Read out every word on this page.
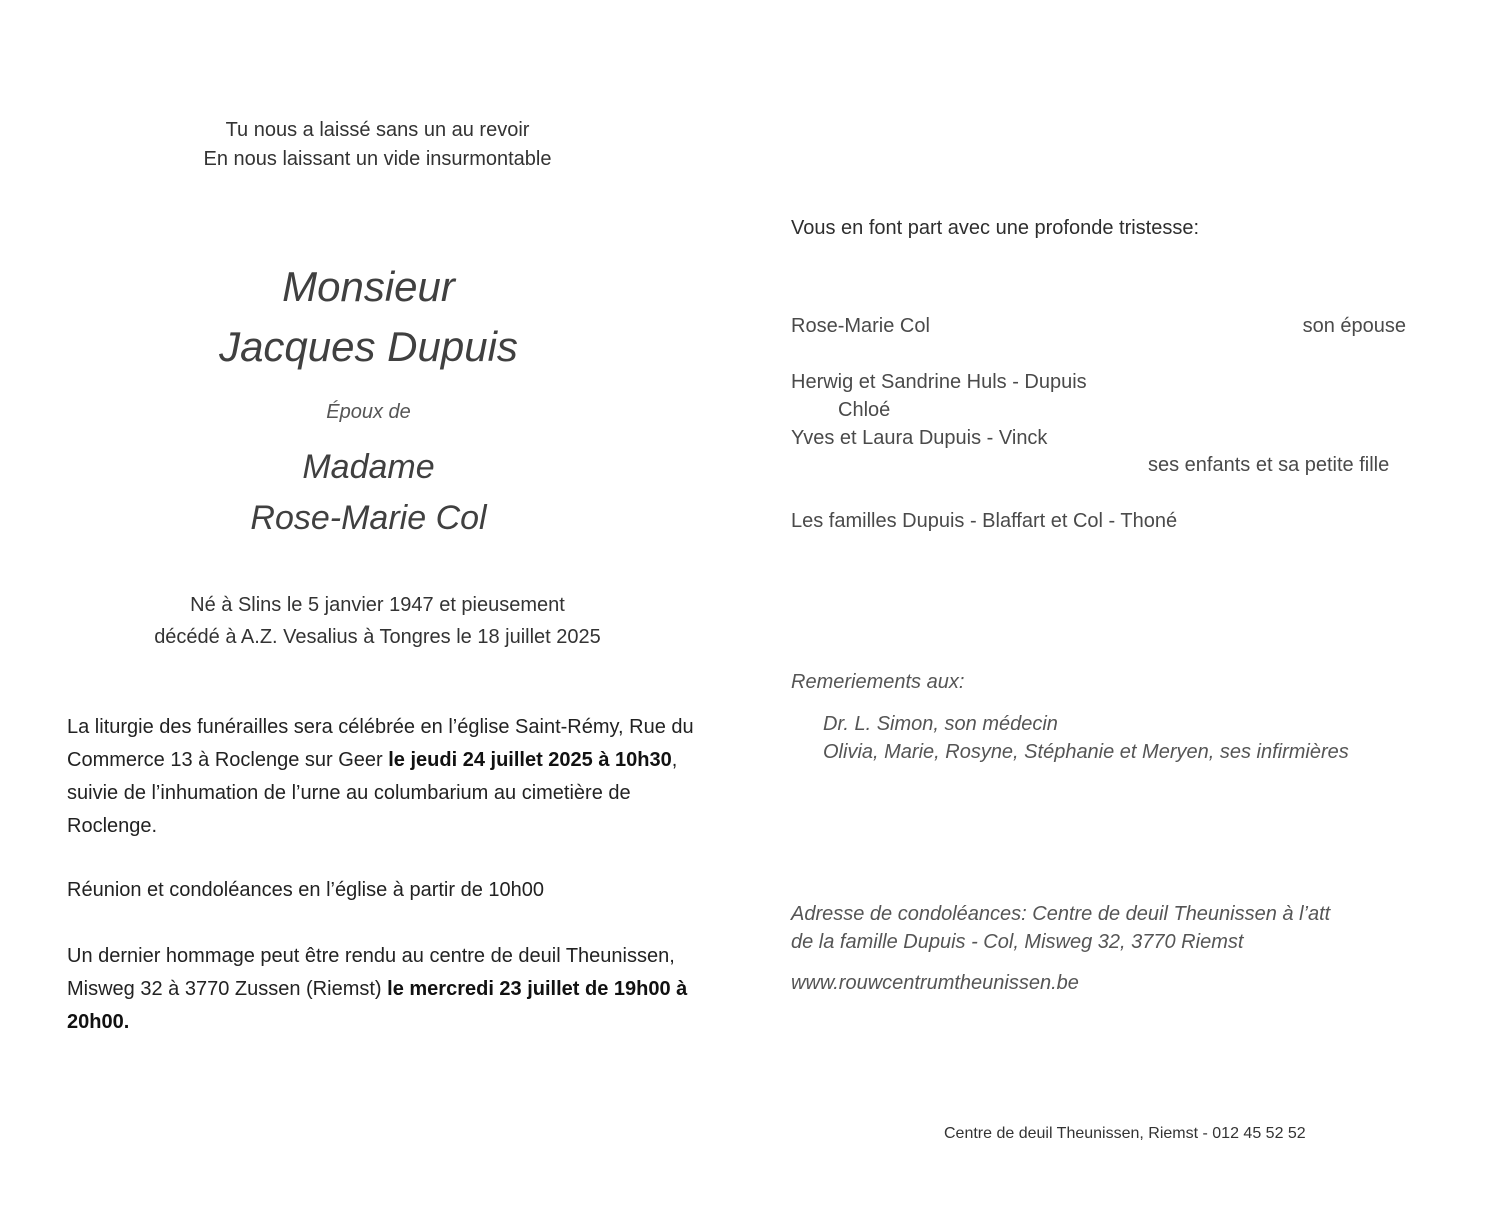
Tu nous a laissé sans un au revoir
En nous laissant un vide insurmontable
Monsieur
Jacques Dupuis
Époux de
Madame
Rose-Marie Col
Né à Slins le 5 janvier 1947 et pieusement
décédé à A.Z. Vesalius à Tongres le 18 juillet 2025

La liturgie des funérailles sera célébrée en l’église Saint-Rémy, Rue du Commerce 13 à Roclenge sur Geer le jeudi 24 juillet 2025 à 10h30, suivie de l’inhumation de l’urne au columbarium au cimetière de Roclenge.

Réunion et condoléances en l’église à partir de 10h00

Un dernier hommage peut être rendu au centre de deuil Theunissen, Misweg 32 à 3770 Zussen (Riemst) le mercredi 23 juillet de 19h00 à 20h00.

Vous en font part avec une profonde tristesse:
Rose-Marie Col	son épouse
Herwig et Sandrine Huls - Dupuis
Chloé
Yves et Laura Dupuis - Vinck
ses enfants et sa petite fille
Les familles Dupuis - Blaffart et Col - Thoné
Remeriements aux:
Dr. L. Simon, son médecin
Olivia, Marie, Rosyne, Stéphanie et Meryen, ses infirmières
Adresse de condoléances: Centre de deuil Theunissen à l’att
de la famille Dupuis - Col, Misweg 32, 3770 Riemst
www.rouwcentrumtheunissen.be
Centre de deuil Theunissen, Riemst - 012 45 52 52
